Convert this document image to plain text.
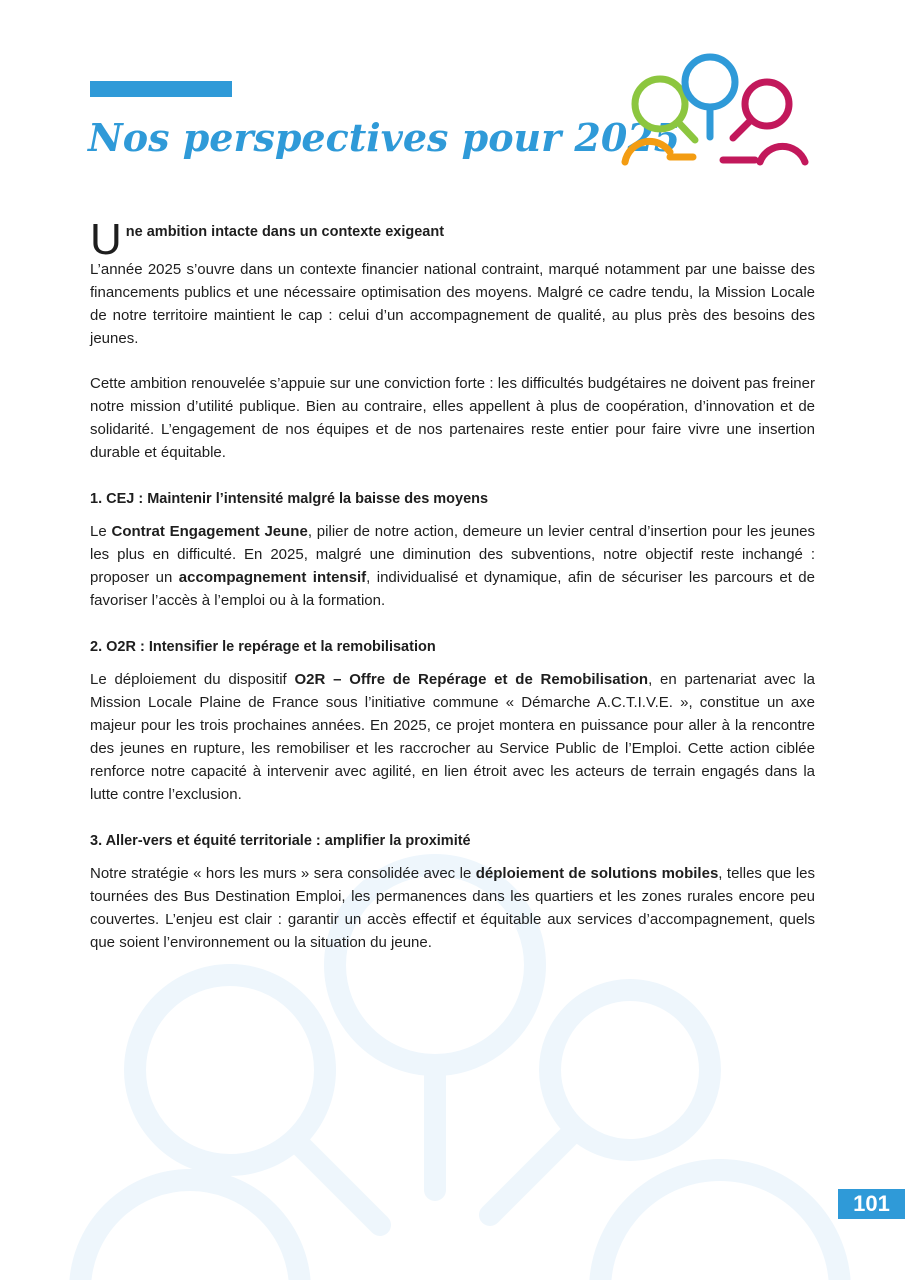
Nos perspectives pour 2025
U ne ambition intacte dans un contexte exigeant

L’année 2025 s’ouvre dans un contexte financier national contraint, marqué notamment par une baisse des financements publics et une nécessaire optimisation des moyens. Malgré ce cadre tendu, la Mission Locale de notre territoire maintient le cap : celui d’un accompagnement de qualité, au plus près des besoins des jeunes.

Cette ambition renouvelée s’appuie sur une conviction forte : les difficultés budgétaires ne doivent pas freiner notre mission d’utilité publique. Bien au contraire, elles appellent à plus de coopération, d’innovation et de solidarité. L’engagement de nos équipes et de nos partenaires reste entier pour faire vivre une insertion durable et équitable.

1. CEJ : Maintenir l’intensité malgré la baisse des moyens

Le Contrat Engagement Jeune, pilier de notre action, demeure un levier central d’insertion pour les jeunes les plus en difficulté. En 2025, malgré une diminution des subventions, notre objectif reste inchangé : proposer un accompagnement intensif, individualisé et dynamique, afin de sécuriser les parcours et de favoriser l’accès à l’emploi ou à la formation.

2. O2R : Intensifier le repérage et la remobilisation

Le déploiement du dispositif O2R – Offre de Repérage et de Remobilisation, en partenariat avec la Mission Locale Plaine de France sous l’initiative commune « Démarche A.C.T.I.V.E. », constitue un axe majeur pour les trois prochaines années. En 2025, ce projet montera en puissance pour aller à la rencontre des jeunes en rupture, les remobiliser et les raccrocher au Service Public de l’Emploi. Cette action ciblée renforce notre capacité à intervenir avec agilité, en lien étroit avec les acteurs de terrain engagés dans la lutte contre l’exclusion.

3. Aller-vers et équité territoriale : amplifier la proximité

Notre stratégie « hors les murs » sera consolidée avec le déploiement de solutions mobiles, telles que les tournées des Bus Destination Emploi, les permanences dans les quartiers et les zones rurales encore peu couvertes. L’enjeu est clair : garantir un accès effectif et équitable aux services d’accompagnement, quels que soient l’environnement ou la situation du jeune.

101
